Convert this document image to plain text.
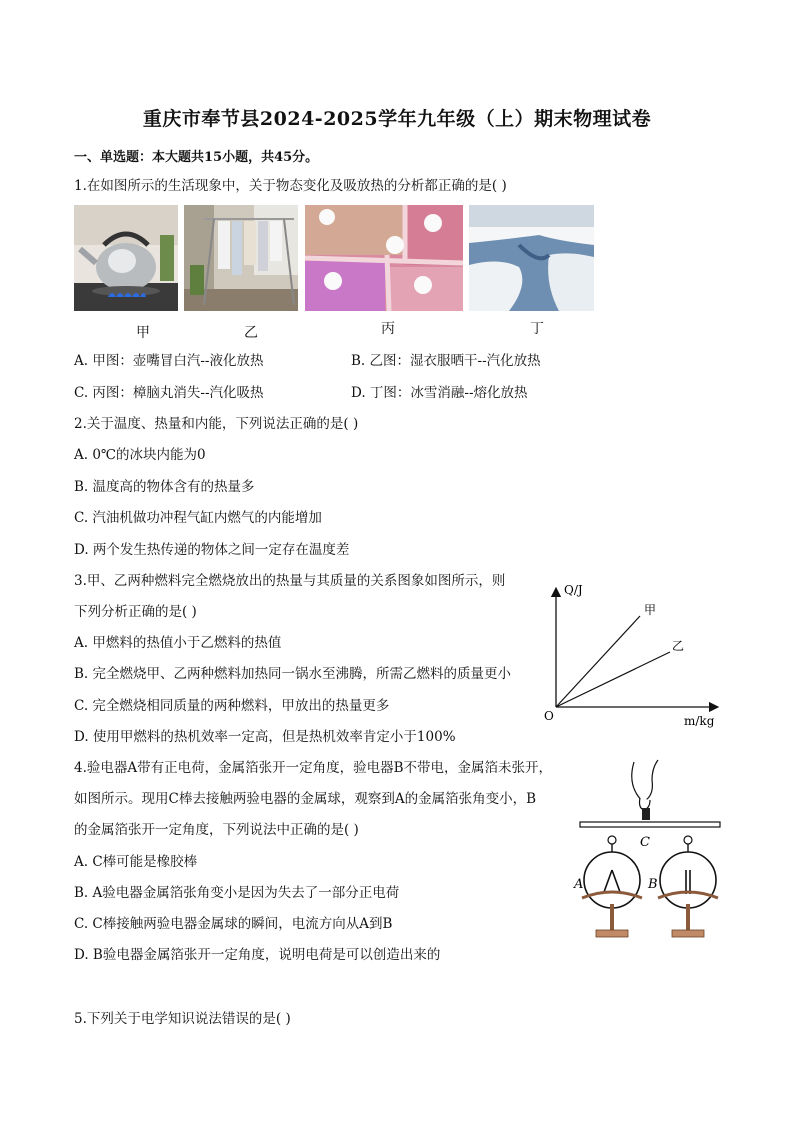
重庆市奉节县2024-2025学年九年级（上）期末物理试卷
一、单选题：本大题共15小题，共45分。
1.在如图所示的生活现象中，关于物态变化及吸放热的分析都正确的是( )
甲	乙	丙	丁
A. 甲图：壶嘴冒白汽--液化放热	B. 乙图：湿衣服晒干--汽化放热
C. 丙图：樟脑丸消失--汽化吸热	D. 丁图：冰雪消融--熔化放热
2.关于温度、热量和内能，下列说法正确的是( )
A. 0℃的冰块内能为0
B. 温度高的物体含有的热量多
C. 汽油机做功冲程气缸内燃气的内能增加
D. 两个发生热传递的物体之间一定存在温度差
3.甲、乙两种燃料完全燃烧放出的热量与其质量的关系图象如图所示，则
下列分析正确的是( )
A. 甲燃料的热值小于乙燃料的热值
B. 完全燃烧甲、乙两种燃料加热同一锅水至沸腾，所需乙燃料的质量更小
C. 完全燃烧相同质量的两种燃料，甲放出的热量更多
D. 使用甲燃料的热机效率一定高，但是热机效率肯定小于100%
Q/J
m/kg
O
甲
乙
4.验电器A带有正电荷，金属箔张开一定角度，验电器B不带电，金属箔未张开，
如图所示。现用C棒去接触两验电器的金属球，观察到A的金属箔张角变小，B
的金属箔张开一定角度，下列说法中正确的是( )
A. C棒可能是橡胶棒
B. A验电器金属箔张角变小是因为失去了一部分正电荷
C. C棒接触两验电器金属球的瞬间，电流方向从A到B
D. B验电器金属箔张开一定角度，说明电荷是可以创造出来的
C
A	B
5.下列关于电学知识说法错误的是( )
